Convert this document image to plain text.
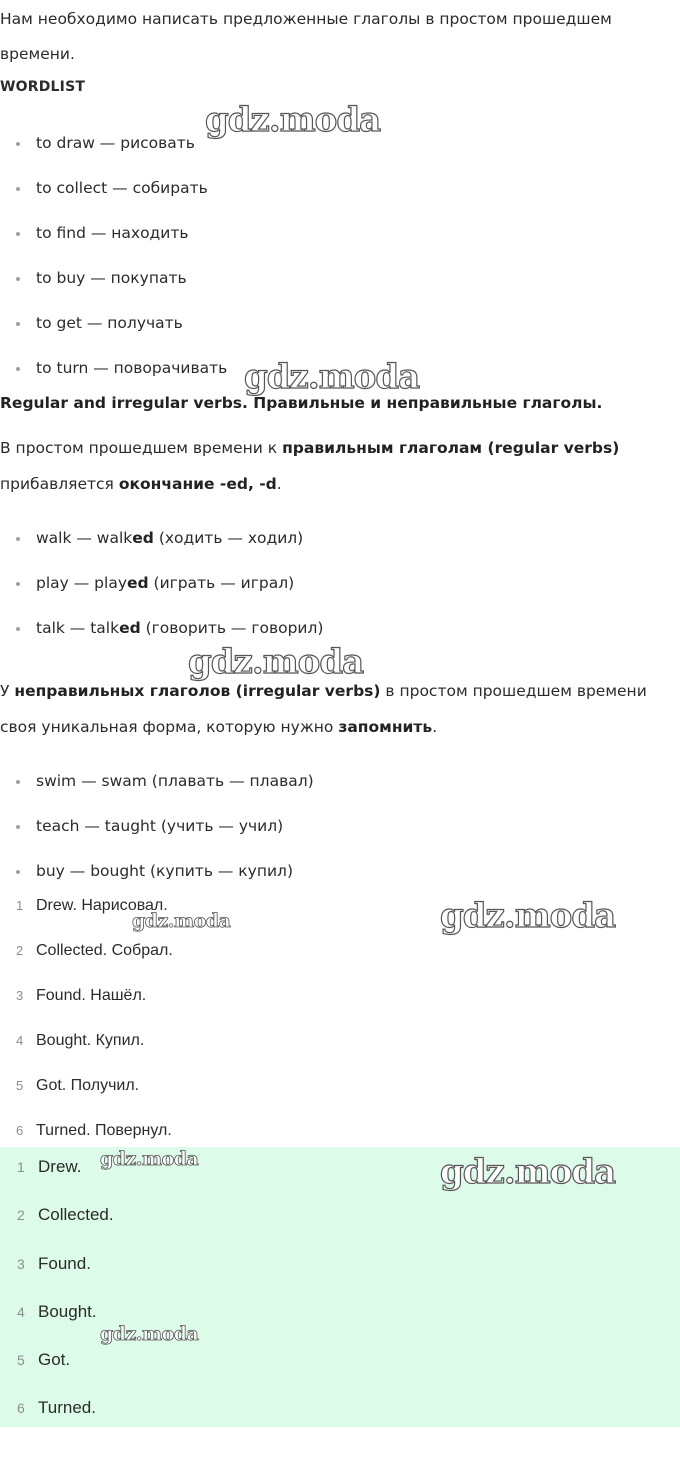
Нам необходимо написать предложенные глаголы в простом прошедшем

времени.

WORDLIST
to draw — рисовать
to collect — собирать
to find — находить
to buy — покупать
to get — получать
to turn — поворачивать

Regular and irregular verbs. Правильные и неправильные глаголы.

В простом прошедшем времени к правильным глаголам (regular verbs)

прибавляется окончание -ed, -d.

walk — walked (ходить — ходил)
play — played (играть — играл)
talk — talked (говорить — говорил)

У неправильных глаголов (irregular verbs) в простом прошедшем времени

своя уникальная форма, которую нужно запомнить.

swim — swam (плавать — плавал)
teach — taught (учить — учил)
buy — bought (купить — купил)
1 Drew. Нарисовал.
2 Collected. Собрал.
3 Found. Нашёл.
4 Bought. Купил.
5 Got. Получил.
6 Turned. Повернул.
1 Drew.
2 Collected.
3 Found.
4 Bought.
5 Got.
6 Turned.
gdz.moda
gdz.moda
gdz.moda
gdz.moda
gdz.moda
gdz.moda	gdz.moda
gdz.moda
